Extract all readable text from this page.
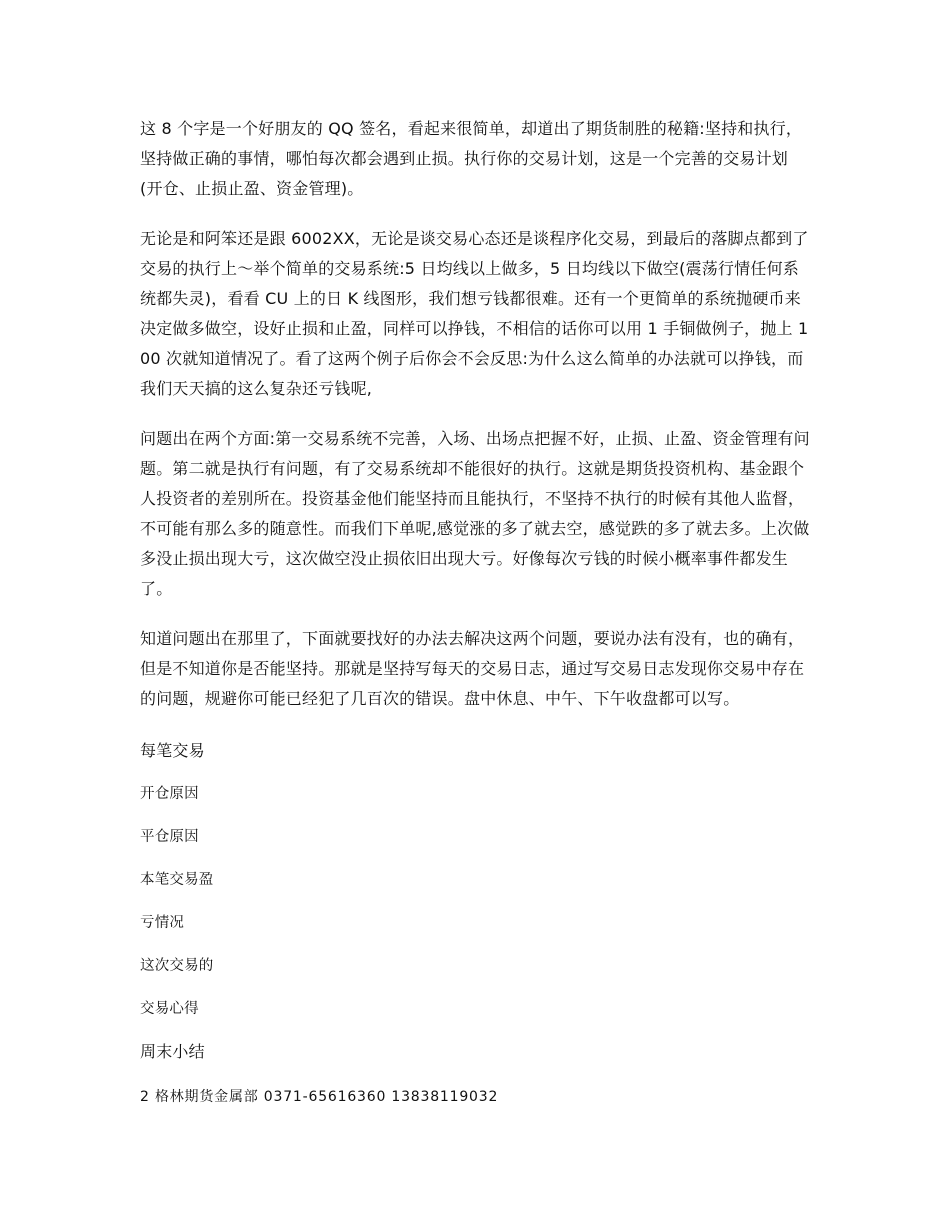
这 8 个字是一个好朋友的 QQ 签名，看起来很简单，却道出了期货制胜的秘籍:坚持和执行，坚持做正确的事情，哪怕每次都会遇到止损。执行你的交易计划，这是一个完善的交易计划(开仓、止损止盈、资金管理)。

无论是和阿笨还是跟 6002XX，无论是谈交易心态还是谈程序化交易，到最后的落脚点都到了交易的执行上～举个简单的交易系统:5 日均线以上做多，5 日均线以下做空(震荡行情任何系统都失灵)，看看 CU 上的日 K 线图形，我们想亏钱都很难。还有一个更简单的系统抛硬币来决定做多做空，设好止损和止盈，同样可以挣钱，不相信的话你可以用 1 手铜做例子，抛上 100 次就知道情况了。看了这两个例子后你会不会反思:为什么这么简单的办法就可以挣钱，而我们天天搞的这么复杂还亏钱呢,

问题出在两个方面:第一交易系统不完善，入场、出场点把握不好，止损、止盈、资金管理有问题。第二就是执行有问题，有了交易系统却不能很好的执行。这就是期货投资机构、基金跟个人投资者的差别所在。投资基金他们能坚持而且能执行，不坚持不执行的时候有其他人监督，不可能有那么多的随意性。而我们下单呢,感觉涨的多了就去空，感觉跌的多了就去多。上次做多没止损出现大亏，这次做空没止损依旧出现大亏。好像每次亏钱的时候小概率事件都发生了。

知道问题出在那里了，下面就要找好的办法去解决这两个问题，要说办法有没有，也的确有，但是不知道你是否能坚持。那就是坚持写每天的交易日志，通过写交易日志发现你交易中存在的问题，规避你可能已经犯了几百次的错误。盘中休息、中午、下午收盘都可以写。

每笔交易
开仓原因
平仓原因
本笔交易盈
亏情况
这次交易的
交易心得
周末小结
2 格林期货金属部 0371-65616360 13838119032
